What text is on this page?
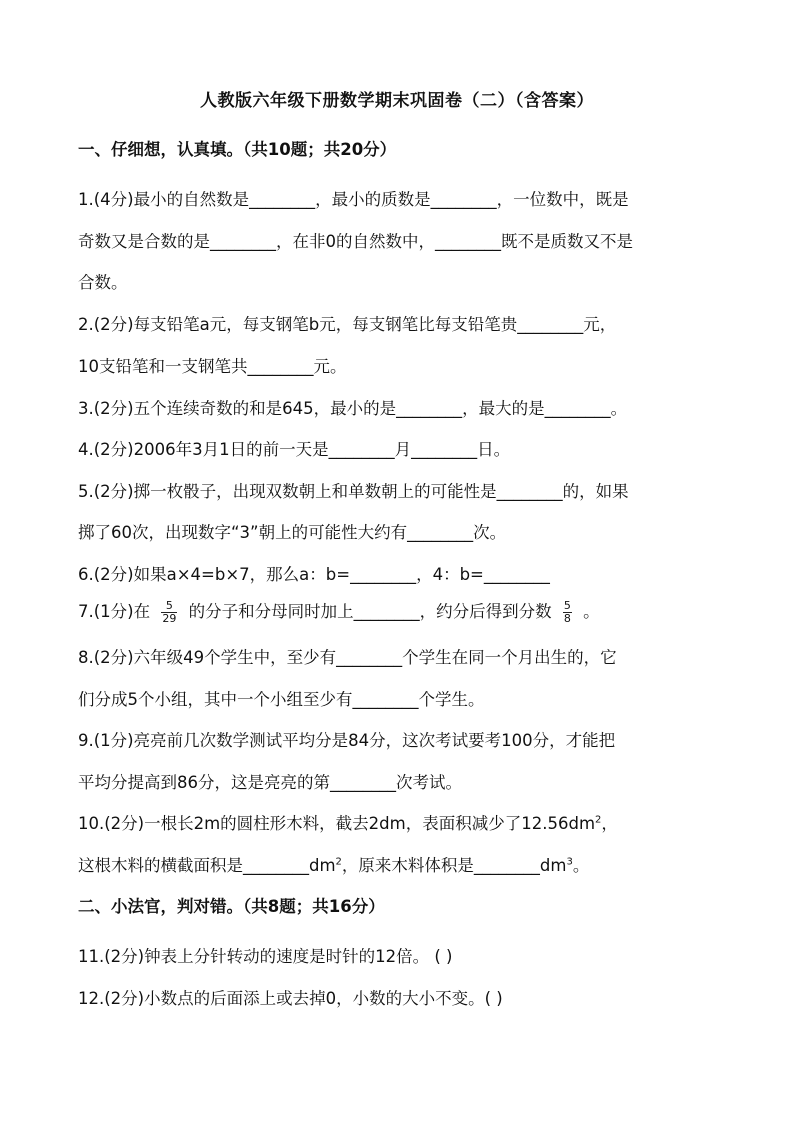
人教版六年级下册数学期末巩固卷（二）（含答案）
一、仔细想，认真填。（共10题；共20分）
1.(4分)最小的自然数是________，最小的质数是________，一位数中，既是
奇数又是合数的是________，在非0的自然数中，________既不是质数又不是
合数。
2.(2分)每支铅笔a元，每支钢笔b元，每支钢笔比每支铅笔贵________元，
10支铅笔和一支钢笔共________元。
3.(2分)五个连续奇数的和是645，最小的是________，最大的是________。
4.(2分)2006年3月1日的前一天是________月________日。
5.(2分)掷一枚骰子，出现双数朝上和单数朝上的可能性是________的，如果
掷了60次，出现数字“3”朝上的可能性大约有________次。
6.(2分)如果a×4=b×7，那么a：b=________，4：b=________
7.(1分)在 $\frac{5}{29}$ 的分子和分母同时加上________，约分后得到分数 $\frac{5}{8}$ 。
8.(2分)六年级49个学生中，至少有________个学生在同一个月出生的，它
们分成5个小组，其中一个小组至少有________个学生。
9.(1分)亮亮前几次数学测试平均分是84分，这次考试要考100分，才能把
平均分提高到86分，这是亮亮的第________次考试。
10.(2分)一根长2m的圆柱形木料，截去2dm，表面积减少了$12.56dm^2$，
这根木料的横截面积是$\_\_\_\_\_\_\_\_dm^2$，原来木料体积是$\_\_\_\_\_\_\_\_dm^3$。
二、小法官，判对错。（共8题；共16分）
11.(2分)钟表上分针转动的速度是时针的12倍。 ( )
12.(2分)小数点的后面添上或去掉0，小数的大小不变。( )
